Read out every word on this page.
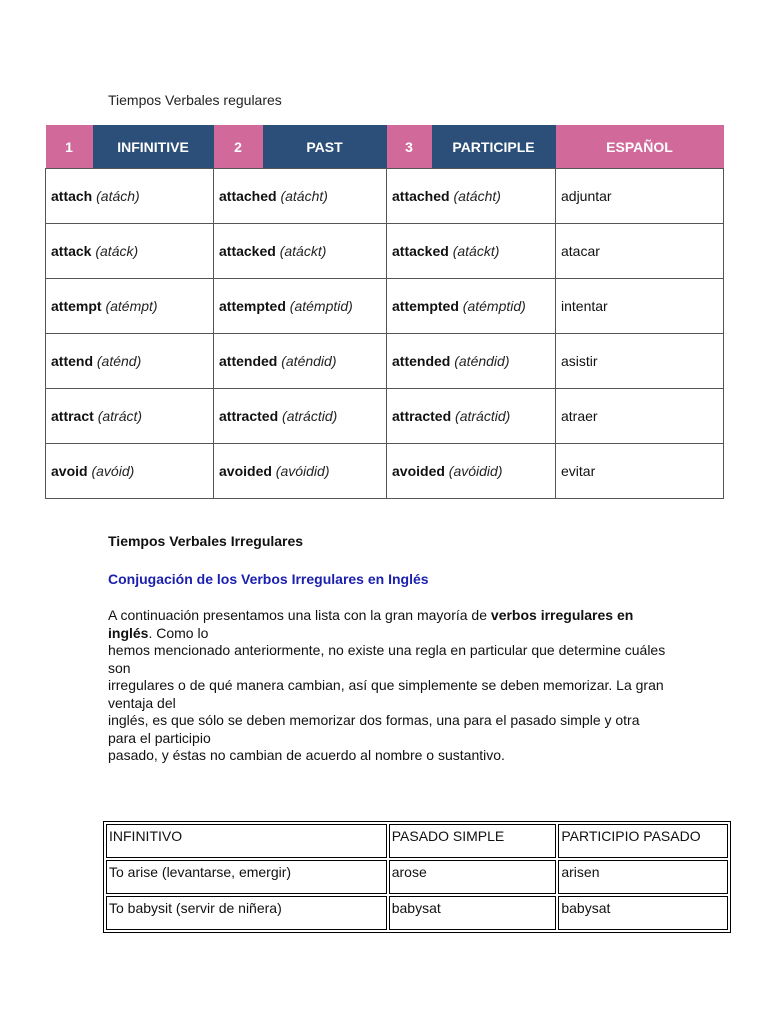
Tiempos Verbales regulares
1	INFINITIVE	2	PAST	3	PARTICIPLE	ESPAÑOL
attach (atách)		attached (atácht)		attached (atácht)		adjuntar
attack (atáck)		attacked (atáckt)		attacked (atáckt)		atacar
attempt (atémpt)		attempted (atémptid)		attempted (atémptid)		intentar
attend (aténd)		attended (aténdid)		attended (aténdid)		asistir
attract (atráct)		attracted (atráctid)		attracted (atráctid)		atraer
avoid (avóid)		avoided (avóidid)		avoided (avóidid)		evitar
Tiempos Verbales Irregulares
Conjugación de los Verbos Irregulares en Inglés
A continuación presentamos una lista con la gran mayoría de verbos irregulares en inglés. Como lo
hemos mencionado anteriormente, no existe una regla en particular que determine cuáles son
irregulares o de qué manera cambian, así que simplemente se deben memorizar. La gran ventaja del
inglés, es que sólo se deben memorizar dos formas, una para el pasado simple y otra para el participio
pasado, y éstas no cambian de acuerdo al nombre o sustantivo.
INFINITIVO	PASADO SIMPLE	PARTICIPIO PASADO
To arise (levantarse, emergir)	arose	arisen
To babysit (servir de niñera)	babysat	babysat
